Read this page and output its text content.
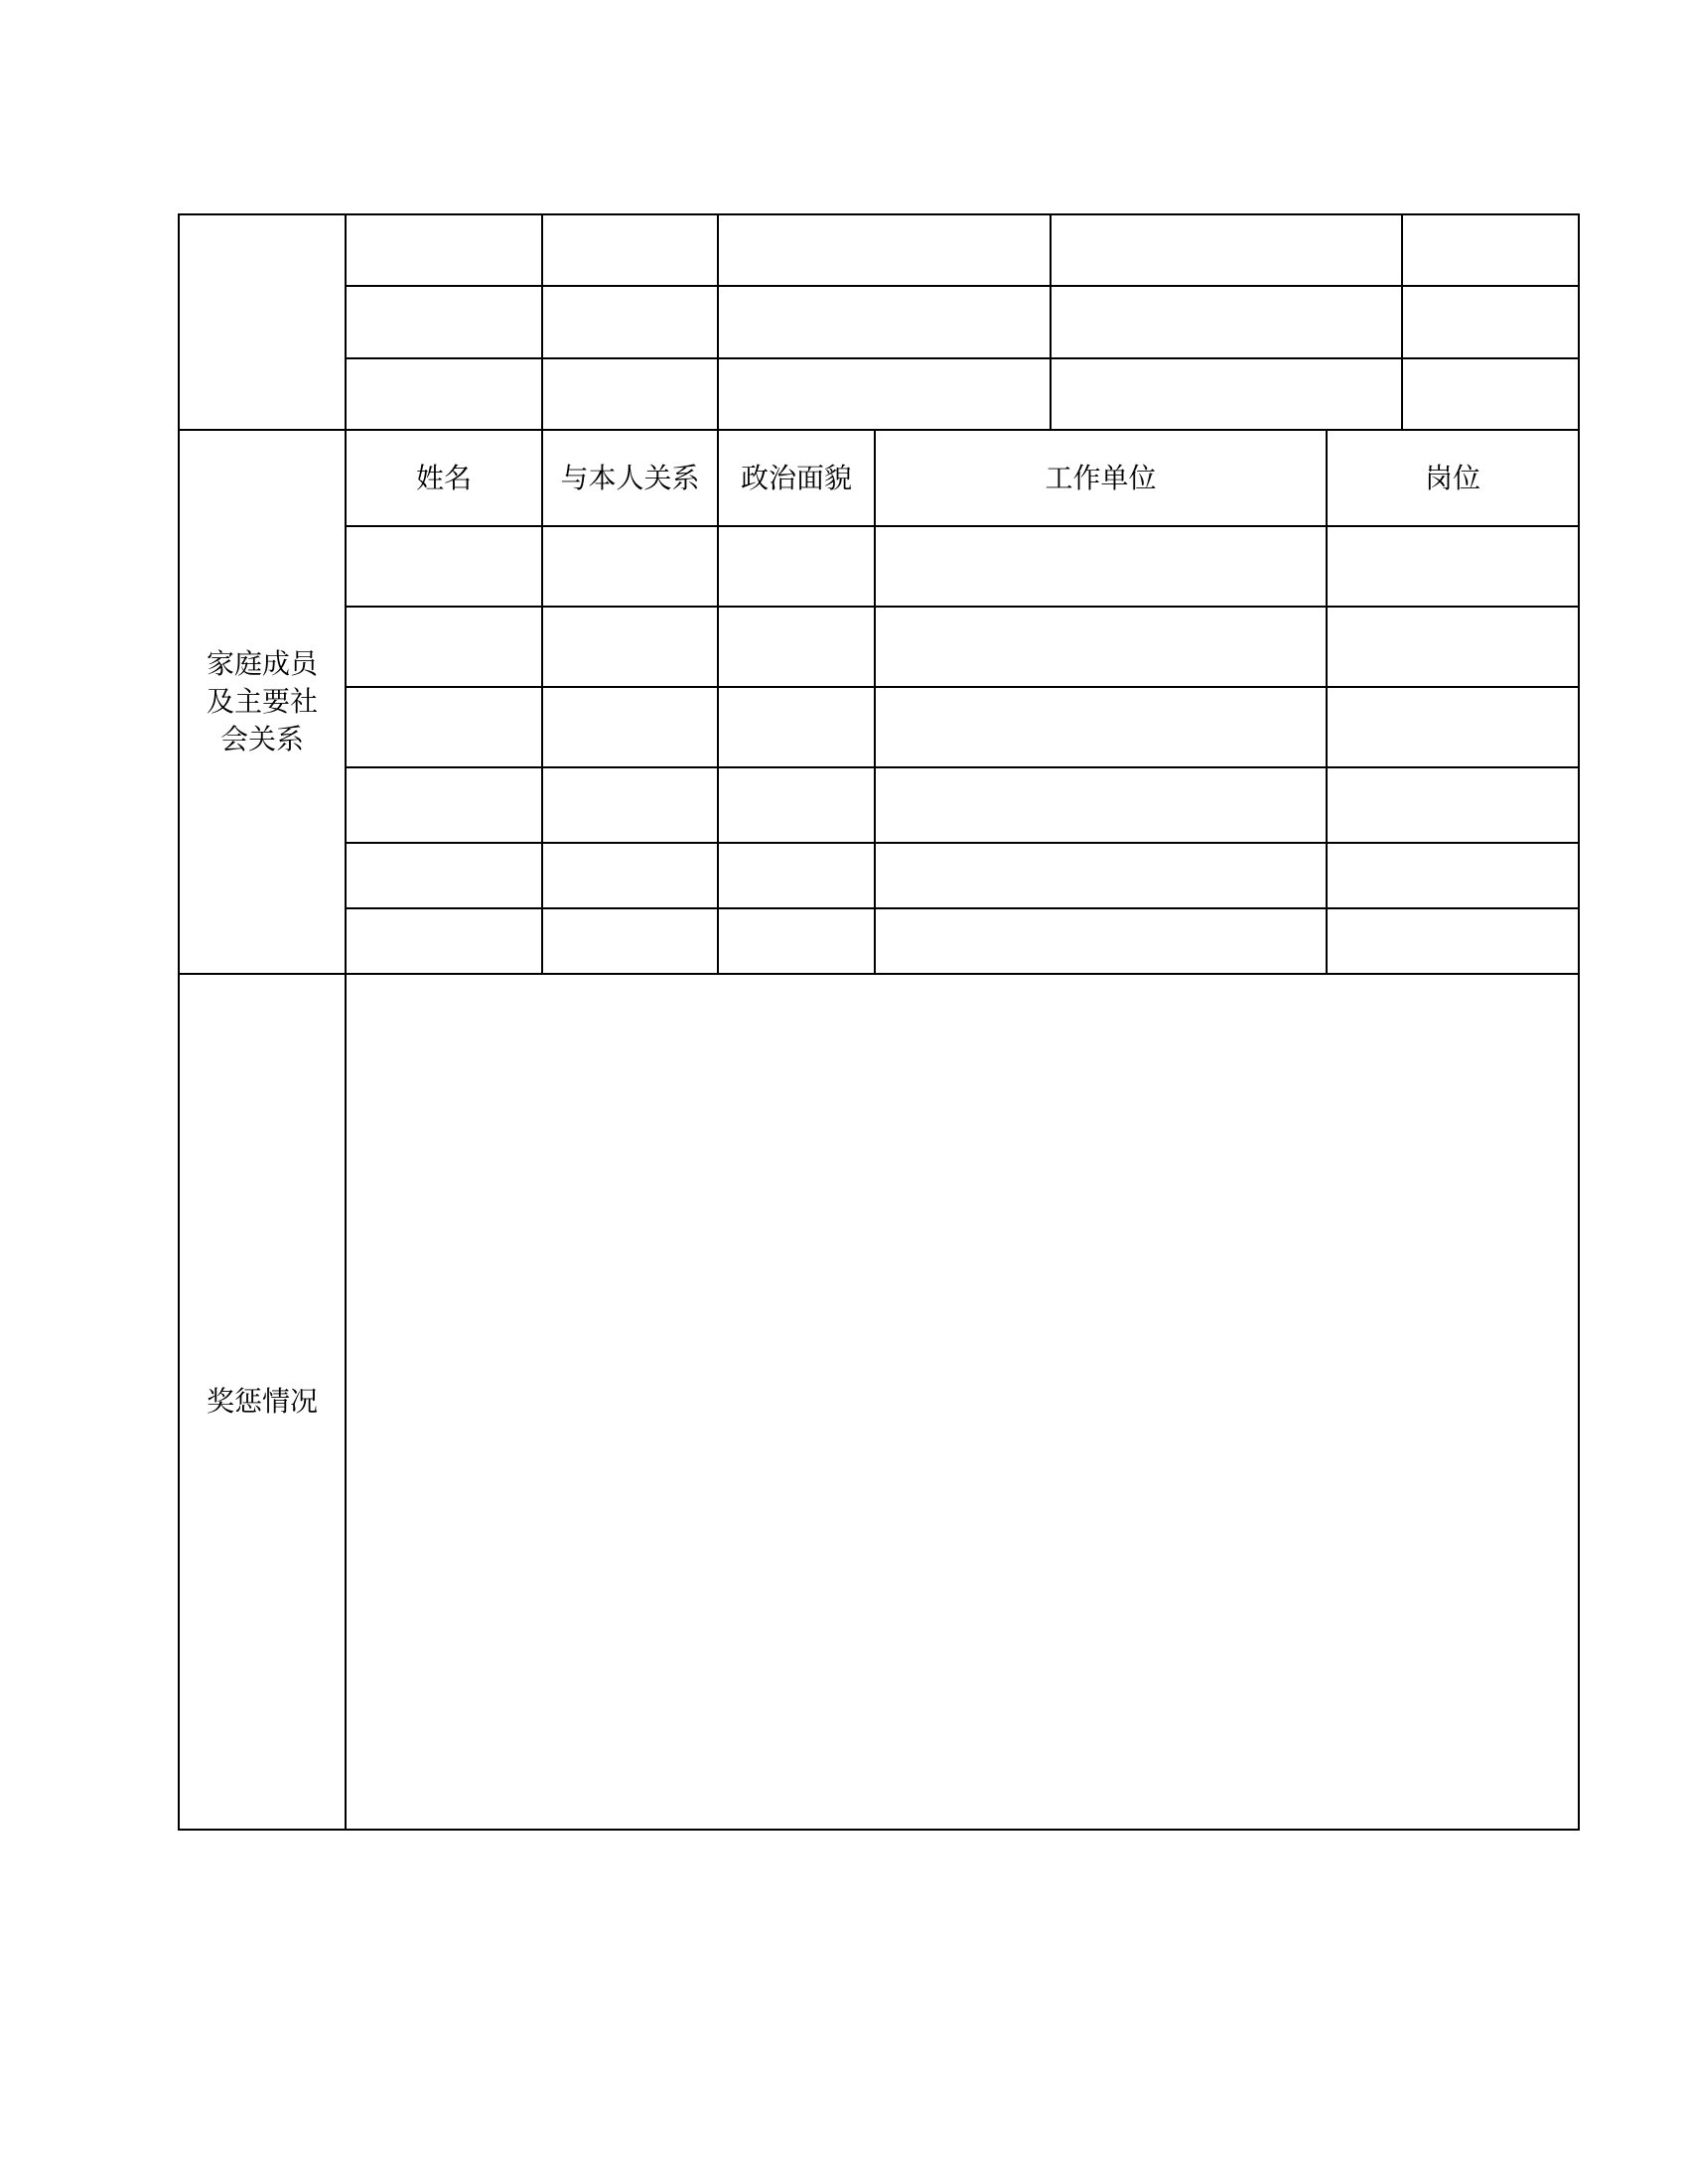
家庭成员
及主要社
会关系
姓名	与本人关系	政治面貌	工作单位	岗位
奖惩情况
